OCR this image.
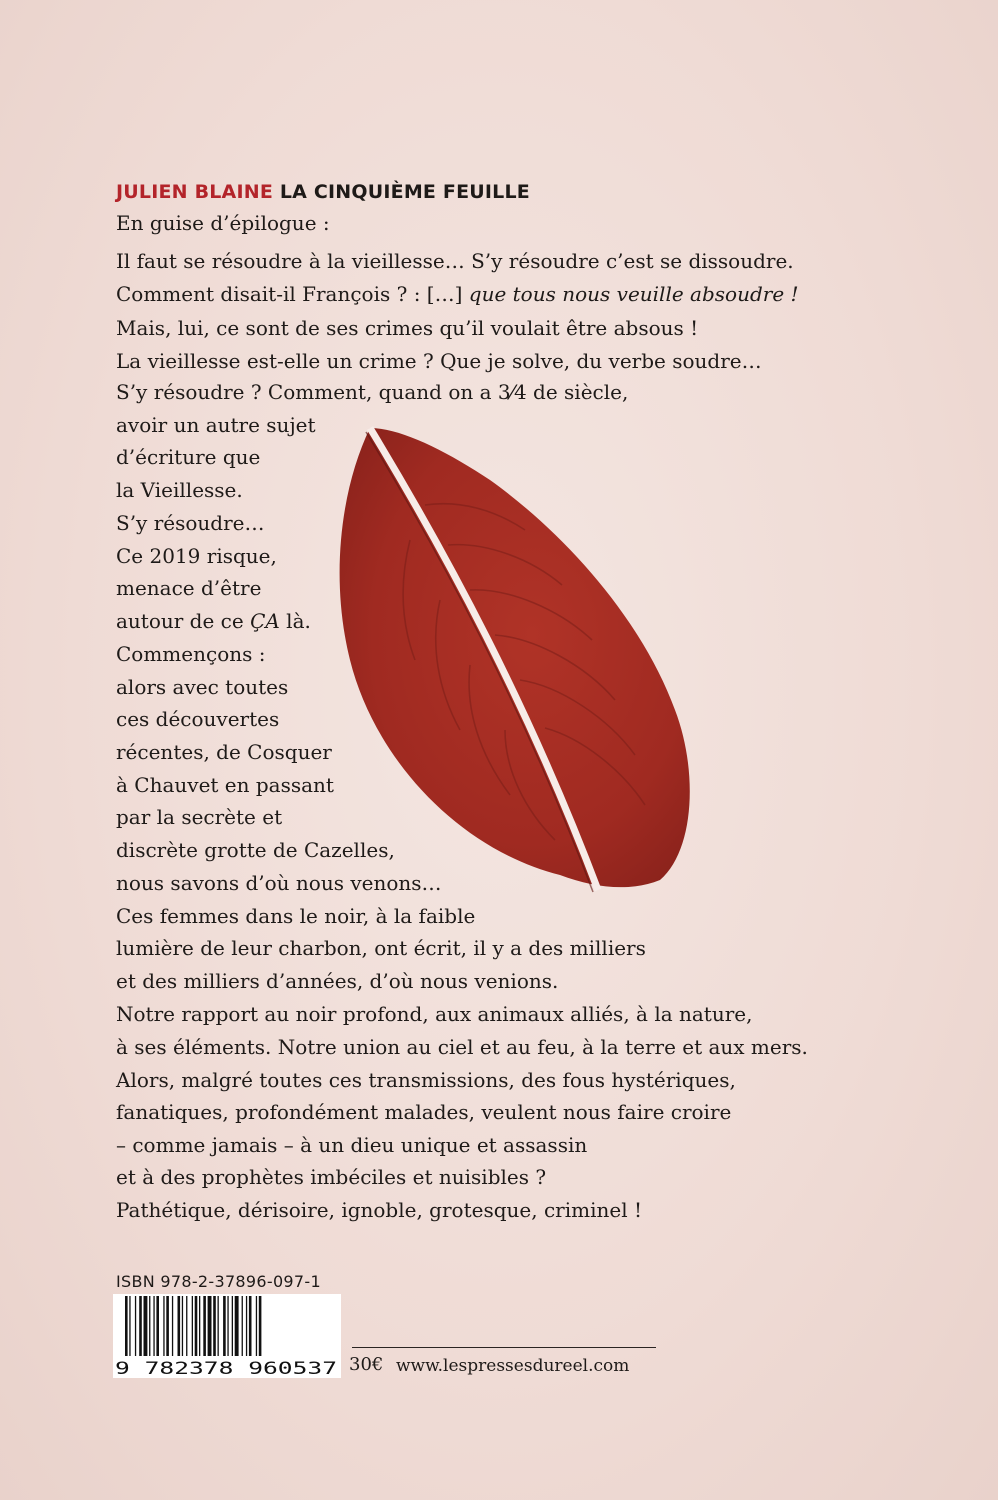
JULIEN BLAINE LA CINQUIÈME FEUILLE
En guise d’épilogue :
Il faut se résoudre à la vieillesse… S’y résoudre c’est se dissoudre.
Comment disait-il François ? : […] que tous nous veuille absoudre !
Mais, lui, ce sont de ses crimes qu’il voulait être absous !
La vieillesse est-elle un crime ? Que je solve, du verbe soudre…
S’y résoudre ? Comment, quand on a 3⁄4 de siècle,
avoir un autre sujet
d’écriture que
la Vieillesse.
S’y résoudre…
Ce 2019 risque,
menace d’être
autour de ce ÇA là.
Commençons :
alors avec toutes
ces découvertes
récentes, de Cosquer
à Chauvet en passant
par la secrète et
discrète grotte de Cazelles,
nous savons d’où nous venons…
Ces femmes dans le noir, à la faible
lumière de leur charbon, ont écrit, il y a des milliers
et des milliers d’années, d’où nous venions.
Notre rapport au noir profond, aux animaux alliés, à la nature,
à ses éléments. Notre union au ciel et au feu, à la terre et aux mers.
Alors, malgré toutes ces transmissions, des fous hystériques,
fanatiques, profondément malades, veulent nous faire croire
– comme jamais – à un dieu unique et assassin
et à des prophètes imbéciles et nuisibles ?
Pathétique, dérisoire, ignoble, grotesque, criminel !
ISBN 978-2-37896-097-1
9 782378 960537 30€ www.lespressesdureel.com
